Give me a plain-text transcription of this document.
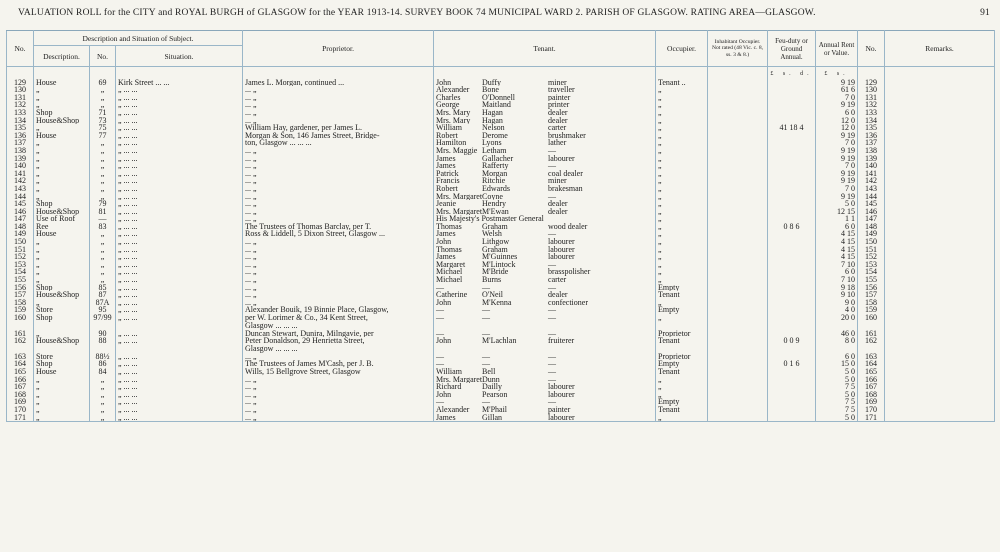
VALUATION ROLL for the CITY and ROYAL BURGH of GLASGOW for the YEAR 1913-14. SURVEY BOOK 74 MUNICIPAL WARD 2. PARISH OF GLASGOW. RATING AREA—GLASGOW.	91
No.	Description and Situation of Subject.			Proprietor.	Tenant.	Occupier.	Inhabitant Occupier. Not rated (48 Vic. c. 8, ss. 3 & 8.)	Feu-duty or Ground Annual.	Annual Rent or Value.	No.	Remarks.
	Description.	No.	Situation.								
								£ s. d.	£ s.		
129	House	69	Kirk Street ... ...	James L. Morgan, continued ...	John Duffy miner	Tenant ..			9 19	129	
130	„	„	„ ... ...	... „	Alexander Bone traveller	„			61 6	130	
131	„	„	„ ... ...	... „	Charles O'Donnell painter	„			7 0	131	
132	„	„	„ ... ...	... „	George Maitland printer	„			9 19	132	
133	Shop	71	„ ... ...	... „	Mrs. Mary Hagan dealer	„			6 0	133	
134	House&Shop	73	„ ... ...	... „	Mrs. Mary Hagan dealer	„			12 0	134	
135	„	75	„ ... ...	William Hay, gardener, per James L.	William Nelson carter	„		41 18 4	12 0	135	
136	House	77	„ ... ...	Morgan & Son, 146 James Street, Bridge-	Robert Derome brushmaker	„			9 19	136	
137	„	„	„ ... ...	ton, Glasgow ... ... ...	Hamilton Lyons lather	„			7 0	137	
138	„	„	„ ... ...	... „	Mrs. Maggie Letham —	„			9 19	138	
139	„	„	„ ... ...	... „	James Gallacher labourer	„			9 19	139	
140	„	„	„ ... ...	... „	James Rafferty —	„			7 0	140	
141	„	„	„ ... ...	... „	Patrick Morgan coal dealer	„			9 19	141	
142	„	„	„ ... ...	... „	Francis Ritchie miner	„			9 19	142	
143	„	„	„ ... ...	... „	Robert Edwards brakesman	„			7 0	143	
144	„	„	„ ... ...	... „	Mrs. MargaretCoyne —	„			9 19	144	
145	Shop	79	„ ... ...	... „	Jeanie Hendry dealer	„			5 0	145	
146	House&Shop	81	„ ... ...	... „	Mrs. MargaretM'Ewan dealer	„			12 15	146	
147	Use of Roof	—	„ ... ...	... „	His Majesty's Postmaster General	„			1 1	147	
148	Ree	83	„ ... ...	The Trustees of Thomas Barclay, per T.	Thomas Graham wood dealer	„		0 8 6	6 0	148	
149	House	„	„ ... ...	Ross & Liddell, 5 Dixon Street, Glasgow ...	James Welsh —	„			4 15	149	
150	„	„	„ ... ...	... „	John Lithgow labourer	„			4 15	150	
151	„	„	„ ... ...	... „	Thomas Graham labourer	„			4 15	151	
152	„	„	„ ... ...	... „	James M'Guinnes labourer	„			4 15	152	
153	„	„	„ ... ...	... „	Margaret M'Lintock —	„			7 10	153	
154	„	„	„ ... ...	... „	Michael M'Bride brasspolisher	„			6 0	154	
155	„	„	„ ... ...	... „	Michael Burns carter	„			7 10	155	
156	Shop	85	„ ... ...	... „	— — —	Empty			9 18	156	
157	House&Shop	87	„ ... ...	... „	Catherine O'Neil dealer	Tenant			9 10	157	
158	„	87A	„ ... ...	... „	John M'Kenna confectioner	„			9 0	158	
159	Store	95	„ ... ...	Alexander Bouik, 19 Binnie Place, Glasgow,	— — —	Empty			4 0	159	
160	Shop	97/99	„ ... ...	per W. Lorimer & Co., 34 Kent Street,	— — —	„			20 0	160	
				Glasgow ... ... ...							
161	„	90	„ ... ...	Duncan Stewart, Dunira, Milngavie, per	— — —	Proprietor			46 0	161	
162	House&Shop	88	„ ... ...	Peter Donaldson, 29 Henrietta Street,	John M'Lachlan fruiterer	Tenant		0 0 9	8 0	162	
				Glasgow ... ... ...							
163	Store	88½	„ ... ...	... „	— — —	Proprietor			6 0	163	
164	Shop	86	„ ... ...	The Trustees of James M'Cash, per J. B.	— — —	Empty		0 1 6	15 0	164	
165	House	84	„ ... ...	Wills, 15 Bellgrove Street, Glasgow	William Bell —	Tenant			5 0	165	
166	„	„	„ ... ...	... „	Mrs. MargaretDunn —	„			5 0	166	
167	„	„	„ ... ...	... „	Richard Dailly labourer	„			7 5	167	
168	„	„	„ ... ...	... „	John Pearson labourer	„			5 0	168	
169	„	„	„ ... ...	... „	— — —	Empty			7 5	169	
170	„	„	„ ... ...	... „	Alexander M'Phail painter	Tenant			7 5	170	
171	„	„	„ ... ...	... „	James Gillan labourer	„			5 0	171	
